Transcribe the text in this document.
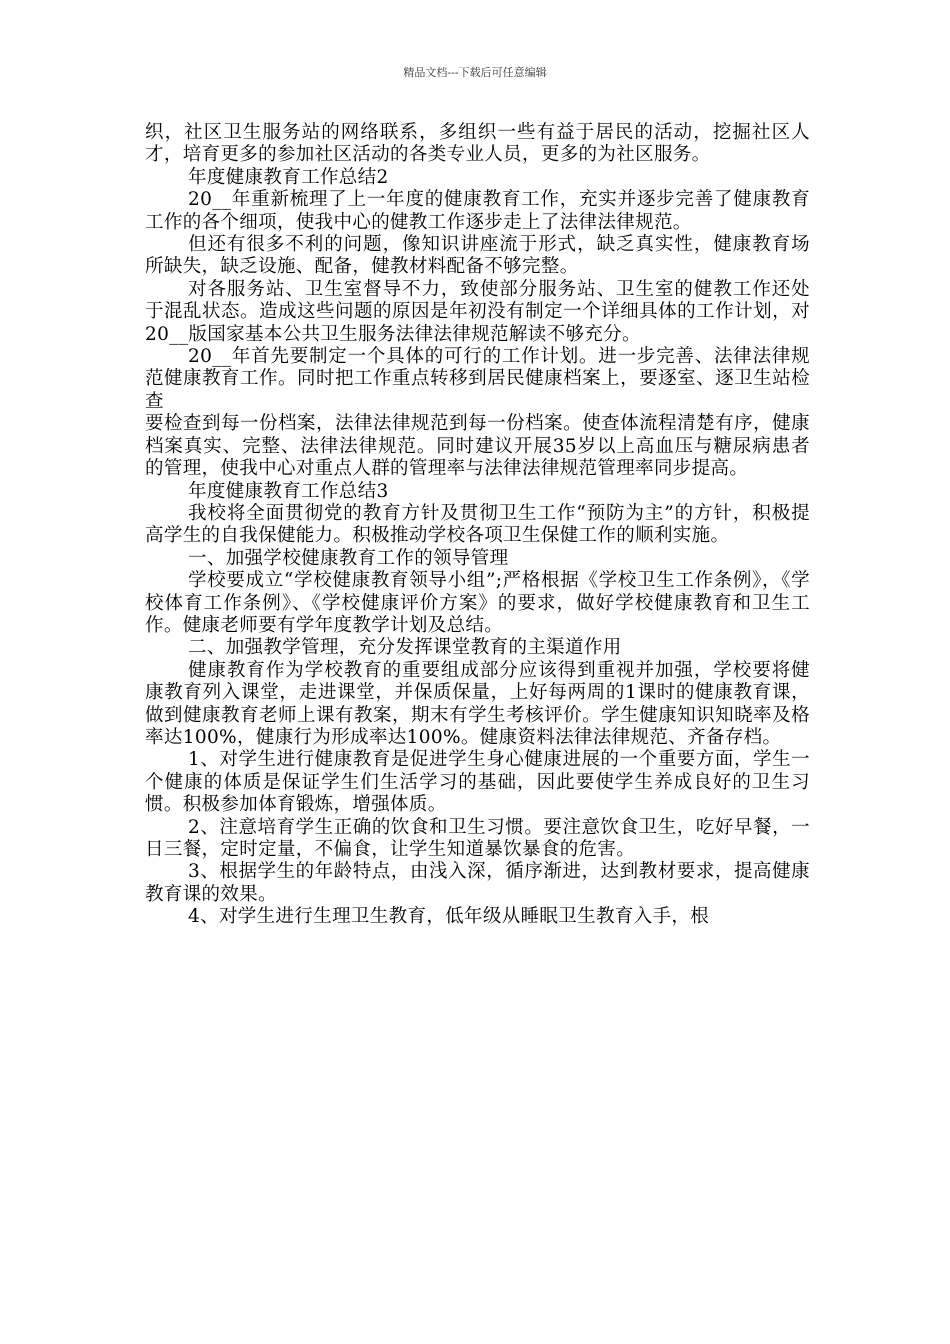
精品文档---下载后可任意编辑

织，社区卫生服务站的网络联系，多组织一些有益于居民的活动，挖掘社区人才，培育更多的参加社区活动的各类专业人员，更多的为社区服务。

年度健康教育工作总结2

20__年重新梳理了上一年度的健康教育工作，充实并逐步完善了健康教育工作的各个细项，使我中心的健教工作逐步走上了法律法律规范。

但还有很多不利的问题，像知识讲座流于形式，缺乏真实性，健康教育场所缺失，缺乏设施、配备，健教材料配备不够完整。

对各服务站、卫生室督导不力，致使部分服务站、卫生室的健教工作还处于混乱状态。造成这些问题的原因是年初没有制定一个详细具体的工作计划，对20__版国家基本公共卫生服务法律法律规范解读不够充分。

20__年首先要制定一个具体的可行的工作计划。进一步完善、法律法律规范健康教育工作。同时把工作重点转移到居民健康档案上，要逐室、逐卫生站检查

要检查到每一份档案，法律法律规范到每一份档案。使查体流程清楚有序，健康档案真实、完整、法律法律规范。同时建议开展35岁以上高血压与糖尿病患者的管理，使我中心对重点人群的管理率与法律法律规范管理率同步提高。

年度健康教育工作总结3

我校将全面贯彻党的教育方针及贯彻卫生工作“预防为主”的方针，积极提高学生的自我保健能力。积极推动学校各项卫生保健工作的顺利实施。

一、加强学校健康教育工作的领导管理

学校要成立“学校健康教育领导小组”;严格根据《学校卫生工作条例》，《学校体育工作条例》、《学校健康评价方案》的要求，做好学校健康教育和卫生工作。健康老师要有学年度教学计划及总结。

二、加强教学管理，充分发挥课堂教育的主渠道作用

健康教育作为学校教育的重要组成部分应该得到重视并加强，学校要将健康教育列入课堂，走进课堂，并保质保量，上好每两周的1课时的健康教育课，做到健康教育老师上课有教案，期末有学生考核评价。学生健康知识知晓率及格率达100%，健康行为形成率达100%。健康资料法律法律规范、齐备存档。

1、对学生进行健康教育是促进学生身心健康进展的一个重要方面，学生一个健康的体质是保证学生们生活学习的基础，因此要使学生养成良好的卫生习惯。积极参加体育锻炼，增强体质。

2、注意培育学生正确的饮食和卫生习惯。要注意饮食卫生，吃好早餐，一日三餐，定时定量，不偏食，让学生知道暴饮暴食的危害。

3、根据学生的年龄特点，由浅入深，循序渐进，达到教材要求，提高健康教育课的效果。

4、对学生进行生理卫生教育，低年级从睡眠卫生教育入手，根
